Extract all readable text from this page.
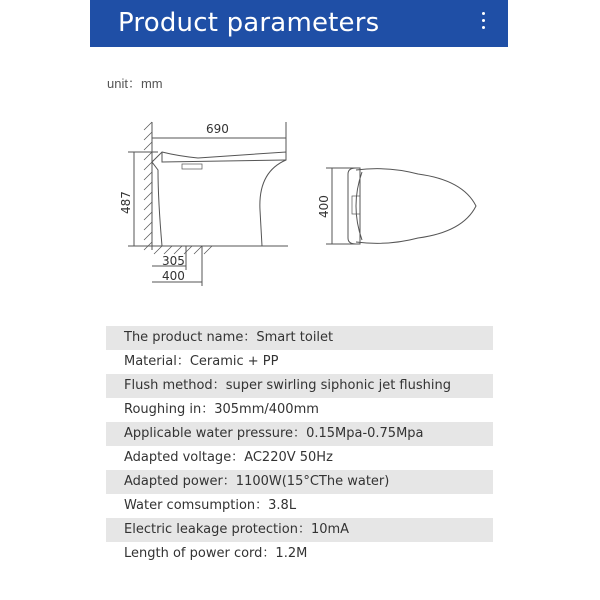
Product parameters
unit：mm
690
487
305
400
400
The product name：Smart toilet
Material：Ceramic + PP
Flush method：super swirling siphonic jet flushing
Roughing in：305mm/400mm
Applicable water pressure：0.15Mpa-0.75Mpa
Adapted voltage：AC220V 50Hz
Adapted power：1100W(15°CThe water)
Water comsumption：3.8L
Electric leakage protection：10mA
Length of power cord：1.2M
